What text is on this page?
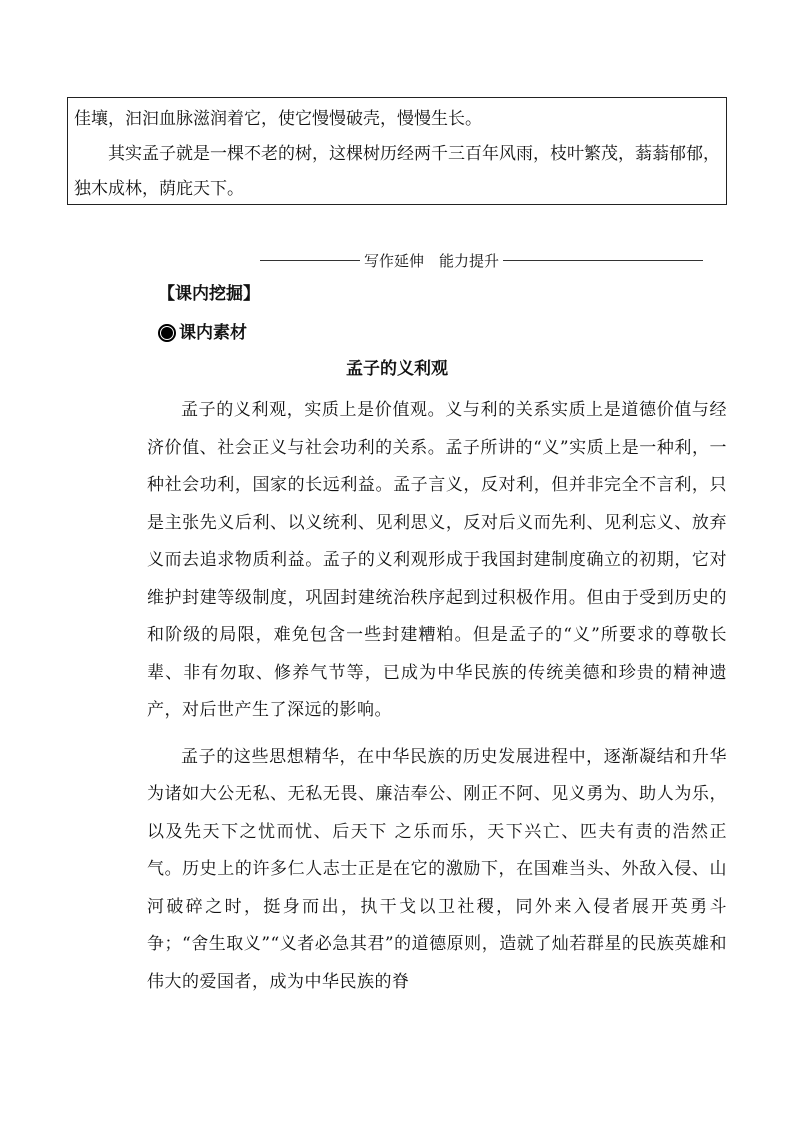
佳壤，汩汩血脉滋润着它，使它慢慢破壳，慢慢生长。

其实孟子就是一棵不老的树，这棵树历经两千三百年风雨，枝叶繁茂，蓊蓊郁郁，独木成林，荫庇天下。

写作延伸　能力提升
【课内挖掘】
课内素材
孟子的义利观

孟子的义利观，实质上是价值观。义与利的关系实质上是道德价值与经济价值、社会正义与社会功利的关系。孟子所讲的“义”实质上是一种利，一种社会功利，国家的长远利益。孟子言义，反对利，但并非完全不言利，只是主张先义后利、以义统利、见利思义，反对后义而先利、见利忘义、放弃义而去追求物质利益。孟子的义利观形成于我国封建制度确立的初期，它对维护封建等级制度，巩固封建统治秩序起到过积极作用。但由于受到历史的和阶级的局限，难免包含一些封建糟粕。但是孟子的“义”所要求的尊敬长辈、非有勿取、修养气节等，已成为中华民族的传统美德和珍贵的精神遗产，对后世产生了深远的影响。

孟子的这些思想精华，在中华民族的历史发展进程中，逐渐凝结和升华为诸如大公无私、无私无畏、廉洁奉公、刚正不阿、见义勇为、助人为乐，以及先天下之忧而忧、后天下 之乐而乐，天下兴亡、匹夫有责的浩然正气。历史上的许多仁人志士正是在它的激励下，在国难当头、外敌入侵、山河破碎之时，挺身而出，执干戈以卫社稷，同外来入侵者展开英勇斗争；“舍生取义”“义者必急其君”的道德原则，造就了灿若群星的民族英雄和伟大的爱国者，成为中华民族的脊
